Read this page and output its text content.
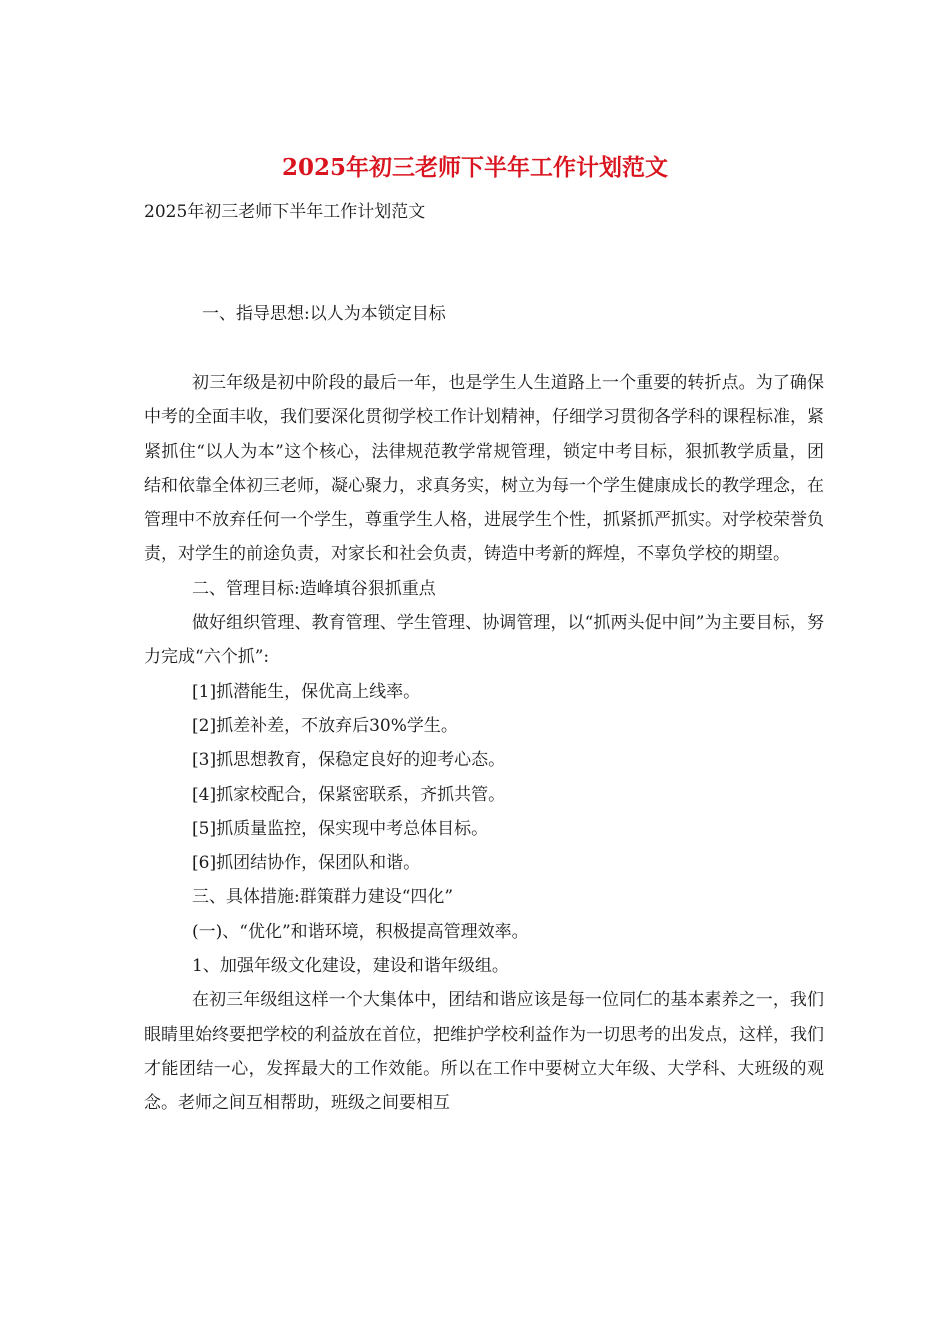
2025年初三老师下半年工作计划范文

2025年初三老师下半年工作计划范文

一、指导思想:以人为本锁定目标

初三年级是初中阶段的最后一年，也是学生人生道路上一个重要的转折点。为了确保中考的全面丰收，我们要深化贯彻学校工作计划精神，仔细学习贯彻各学科的课程标准，紧紧抓住“以人为本”这个核心，法律规范教学常规管理，锁定中考目标，狠抓教学质量，团结和依靠全体初三老师，凝心聚力，求真务实，树立为每一个学生健康成长的教学理念，在管理中不放弃任何一个学生，尊重学生人格，进展学生个性，抓紧抓严抓实。对学校荣誉负责，对学生的前途负责，对家长和社会负责，铸造中考新的辉煌，不辜负学校的期望。

二、管理目标:造峰填谷狠抓重点

做好组织管理、教育管理、学生管理、协调管理，以“抓两头促中间”为主要目标，努力完成“六个抓”:

[1]抓潜能生，保优高上线率。

[2]抓差补差，不放弃后30%学生。

[3]抓思想教育，保稳定良好的迎考心态。

[4]抓家校配合，保紧密联系，齐抓共管。

[5]抓质量监控，保实现中考总体目标。

[6]抓团结协作，保团队和谐。

三、具体措施:群策群力建设“四化”

(一)、“优化”和谐环境，积极提高管理效率。

1、加强年级文化建设，建设和谐年级组。

在初三年级组这样一个大集体中，团结和谐应该是每一位同仁的基本素养之一，我们眼睛里始终要把学校的利益放在首位，把维护学校利益作为一切思考的出发点，这样，我们才能团结一心，发挥最大的工作效能。所以在工作中要树立大年级、大学科、大班级的观念。老师之间互相帮助，班级之间要相互
